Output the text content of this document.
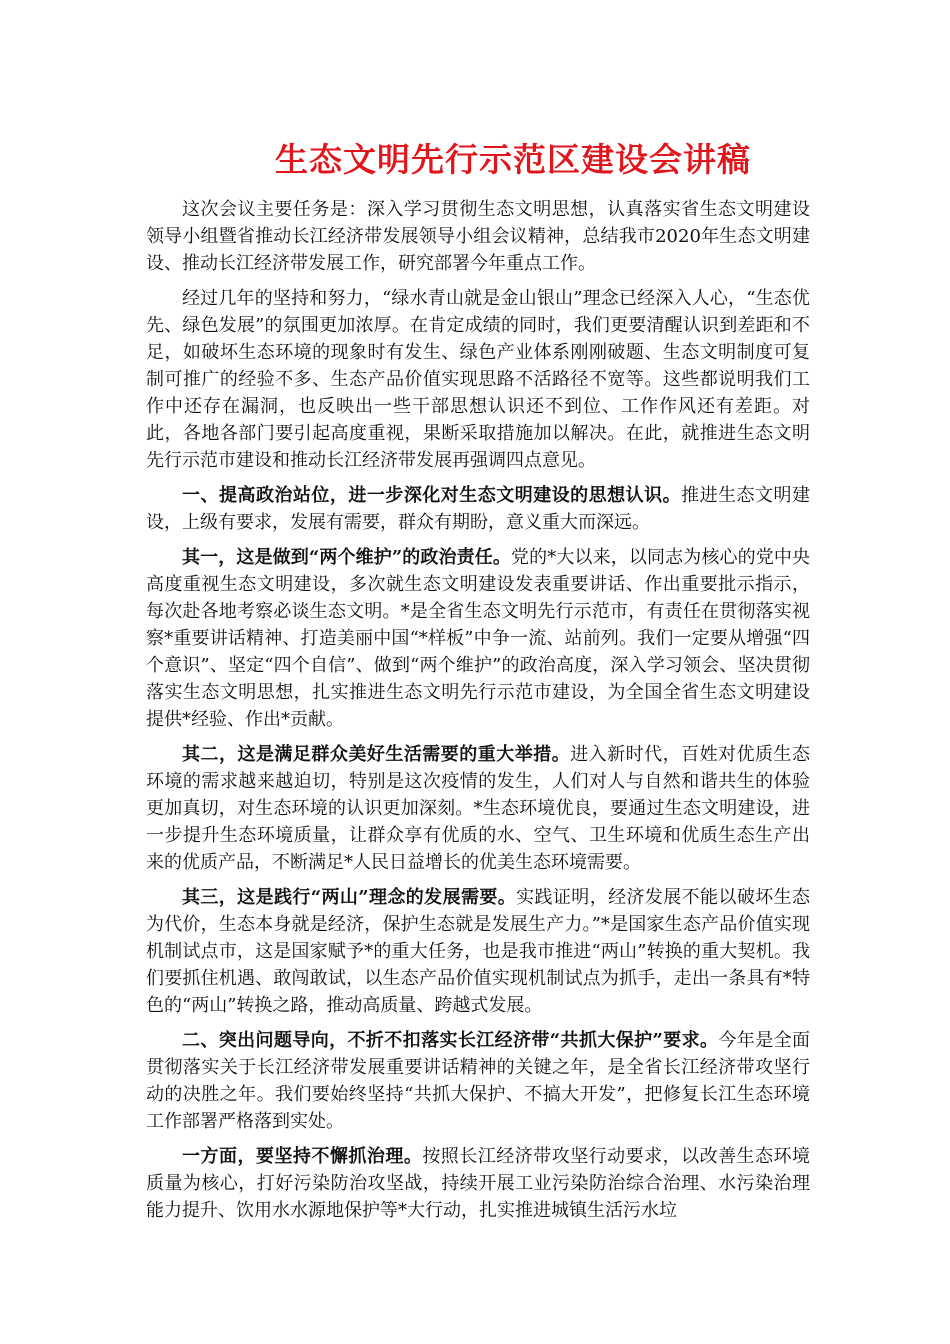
生态文明先行示范区建设会讲稿

这次会议主要任务是：深入学习贯彻生态文明思想，认真落实省生态文明建设领导小组暨省推动长江经济带发展领导小组会议精神，总结我市2020年生态文明建设、推动长江经济带发展工作，研究部署今年重点工作。

经过几年的坚持和努力，“绿水青山就是金山银山”理念已经深入人心，“生态优先、绿色发展”的氛围更加浓厚。在肯定成绩的同时，我们更要清醒认识到差距和不足，如破坏生态环境的现象时有发生、绿色产业体系刚刚破题、生态文明制度可复制可推广的经验不多、生态产品价值实现思路不活路径不宽等。这些都说明我们工作中还存在漏洞，也反映出一些干部思想认识还不到位、工作作风还有差距。对此，各地各部门要引起高度重视，果断采取措施加以解决。在此，就推进生态文明先行示范市建设和推动长江经济带发展再强调四点意见。

一、提高政治站位，进一步深化对生态文明建设的思想认识。推进生态文明建设，上级有要求，发展有需要，群众有期盼，意义重大而深远。

其一，这是做到“两个维护”的政治责任。党的*大以来，以同志为核心的党中央高度重视生态文明建设，多次就生态文明建设发表重要讲话、作出重要批示指示，每次赴各地考察必谈生态文明。*是全省生态文明先行示范市，有责任在贯彻落实视察*重要讲话精神、打造美丽中国“*样板”中争一流、站前列。我们一定要从增强“四个意识”、坚定“四个自信”、做到“两个维护”的政治高度，深入学习领会、坚决贯彻落实生态文明思想，扎实推进生态文明先行示范市建设，为全国全省生态文明建设提供*经验、作出*贡献。

其二，这是满足群众美好生活需要的重大举措。进入新时代，百姓对优质生态环境的需求越来越迫切，特别是这次疫情的发生，人们对人与自然和谐共生的体验更加真切，对生态环境的认识更加深刻。*生态环境优良，要通过生态文明建设，进一步提升生态环境质量，让群众享有优质的水、空气、卫生环境和优质生态生产出来的优质产品，不断满足*人民日益增长的优美生态环境需要。

其三，这是践行“两山”理念的发展需要。实践证明，经济发展不能以破坏生态为代价，生态本身就是经济，保护生态就是发展生产力。”*是国家生态产品价值实现机制试点市，这是国家赋予*的重大任务，也是我市推进“两山”转换的重大契机。我们要抓住机遇、敢闯敢试，以生态产品价值实现机制试点为抓手，走出一条具有*特色的“两山”转换之路，推动高质量、跨越式发展。

二、突出问题导向，不折不扣落实长江经济带“共抓大保护”要求。今年是全面贯彻落实关于长江经济带发展重要讲话精神的关键之年，是全省长江经济带攻坚行动的决胜之年。我们要始终坚持“共抓大保护、不搞大开发”，把修复长江生态环境工作部署严格落到实处。

一方面，要坚持不懈抓治理。按照长江经济带攻坚行动要求，以改善生态环境质量为核心，打好污染防治攻坚战，持续开展工业污染防治综合治理、水污染治理能力提升、饮用水水源地保护等*大行动，扎实推进城镇生活污水垃
